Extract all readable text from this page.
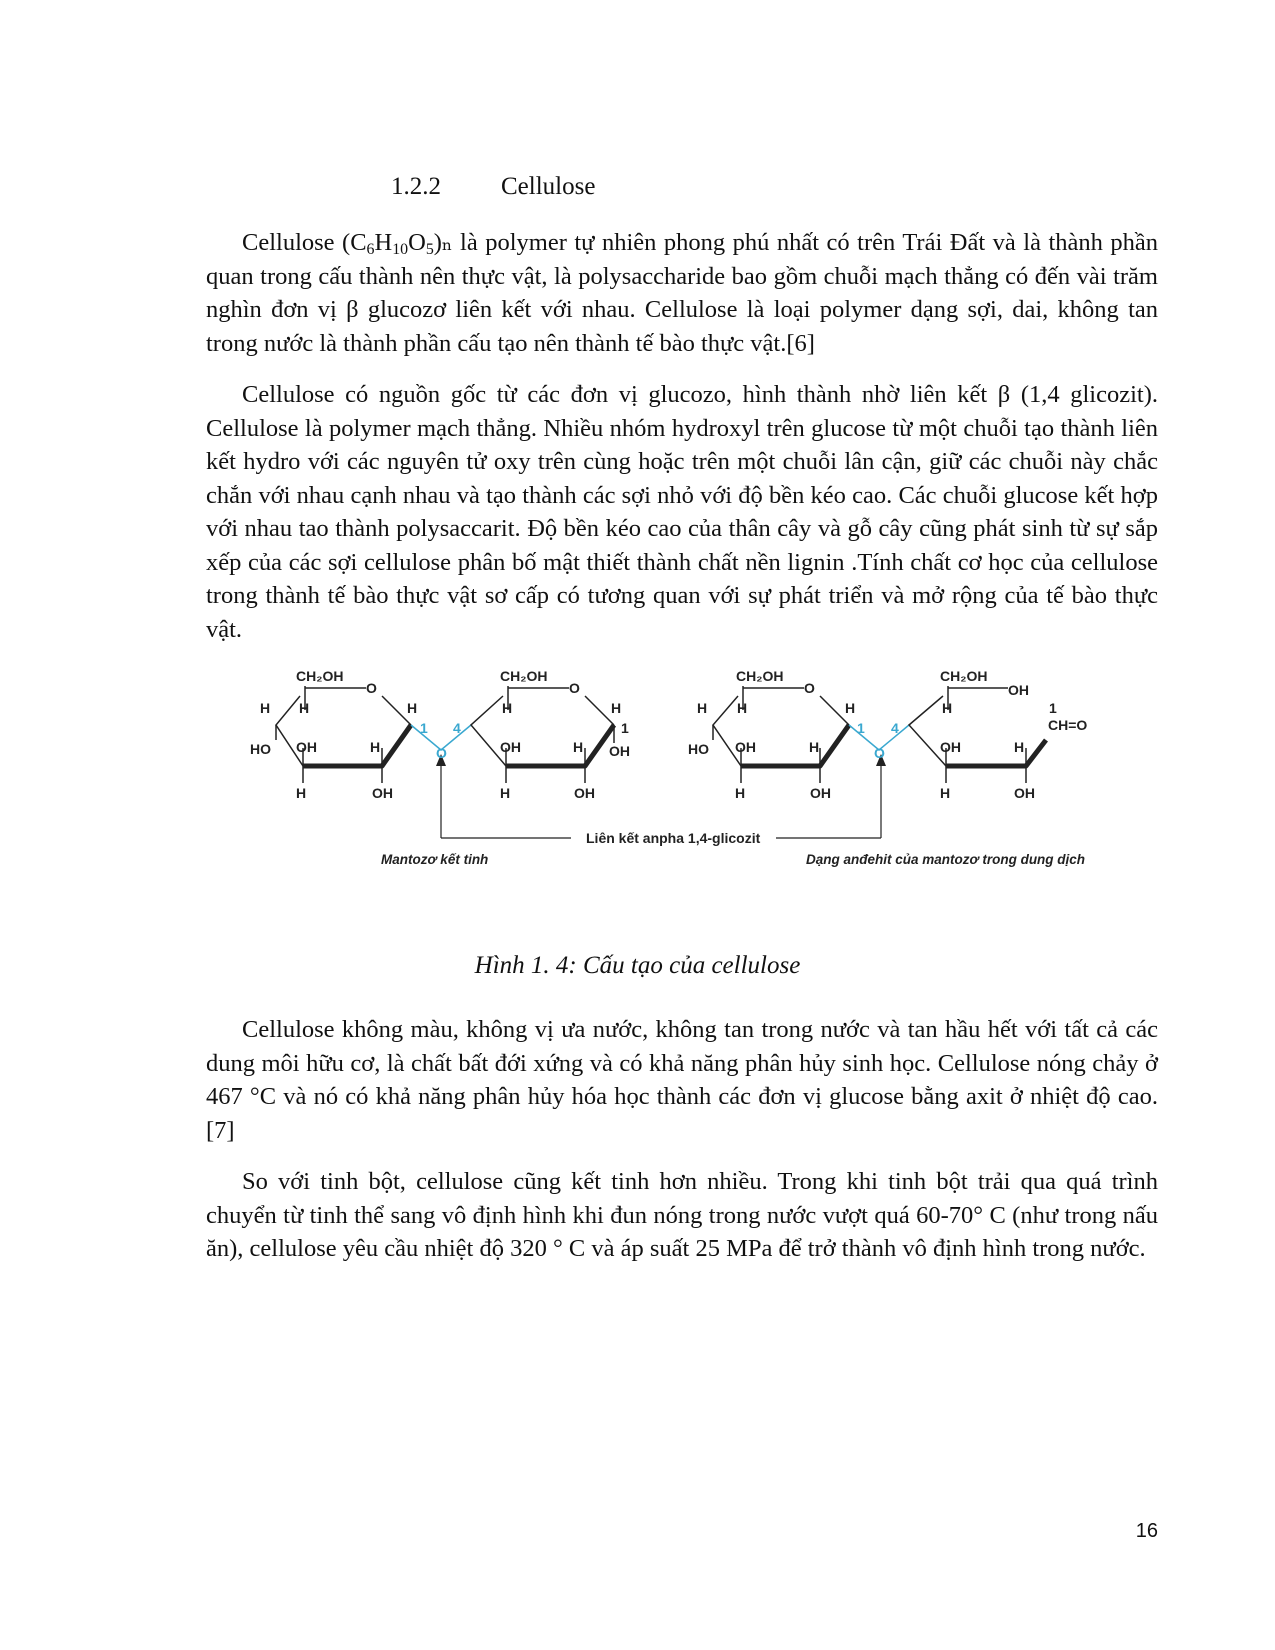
1.2.2 Cellulose
Cellulose $(C_6H_{10}O_5)_n$ là polymer tự nhiên phong phú nhất có trên Trái Đất và là thành phần quan trong cấu thành nên thực vật, là polysaccharide bao gồm chuỗi mạch thẳng có đến vài trăm nghìn đơn vị β glucozơ liên kết với nhau. Cellulose là loại polymer dạng sợi, dai, không tan trong nước là thành phần cấu tạo nên thành tế bào thực vật.[6]
Cellulose có nguồn gốc từ các đơn vị glucozo, hình thành nhờ liên kết β (1,4 glicozit). Cellulose là polymer mạch thẳng. Nhiều nhóm hydroxyl trên glucose từ một chuỗi tạo thành liên kết hydro với các nguyên tử oxy trên cùng hoặc trên một chuỗi lân cận, giữ các chuỗi này chắc chắn với nhau cạnh nhau và tạo thành các sợi nhỏ với độ bền kéo cao. Các chuỗi glucose kết hợp với nhau tao thành polysaccarit. Độ bền kéo cao của thân cây và gỗ cây cũng phát sinh từ sự sắp xếp của các sợi cellulose phân bố mật thiết thành chất nền lignin .Tính chất cơ học của cellulose trong thành tế bào thực vật sơ cấp có tương quan với sự phát triển và mở rộng của tế bào thực vật.
CH₂OH
O
H H	H
1
HO OH	H
H	OH
O
CH₂OH
O
4
H	H
1
OH	H OH
H	OH
CH₂OH
O
H H	H
1
HO OH	H
H	OH
O
CH₂OH
OH
4
H	1
CH=O
OH	H
H	OH
Liên kết anpha 1,4-glicozit
Mantozơ kết tinh	Dạng anđehit của mantozơ trong dung dịch
Hình 1. 4: Cấu tạo của cellulose
Cellulose không màu, không vị ưa nước, không tan trong nước và tan hầu hết với tất cả các dung môi hữu cơ, là chất bất đới xứng và có khả năng phân hủy sinh học. Cellulose nóng chảy ở 467 °C và nó có khả năng phân hủy hóa học thành các đơn vị glucose bằng axit ở nhiệt độ cao.[7]
So với tinh bột, cellulose cũng kết tinh hơn nhiều. Trong khi tinh bột trải qua quá trình chuyển từ tinh thể sang vô định hình khi đun nóng trong nước vượt quá 60-70° C (như trong nấu ăn), cellulose yêu cầu nhiệt độ 320 ° C và áp suất 25 MPa để trở thành vô định hình trong nước.
16
